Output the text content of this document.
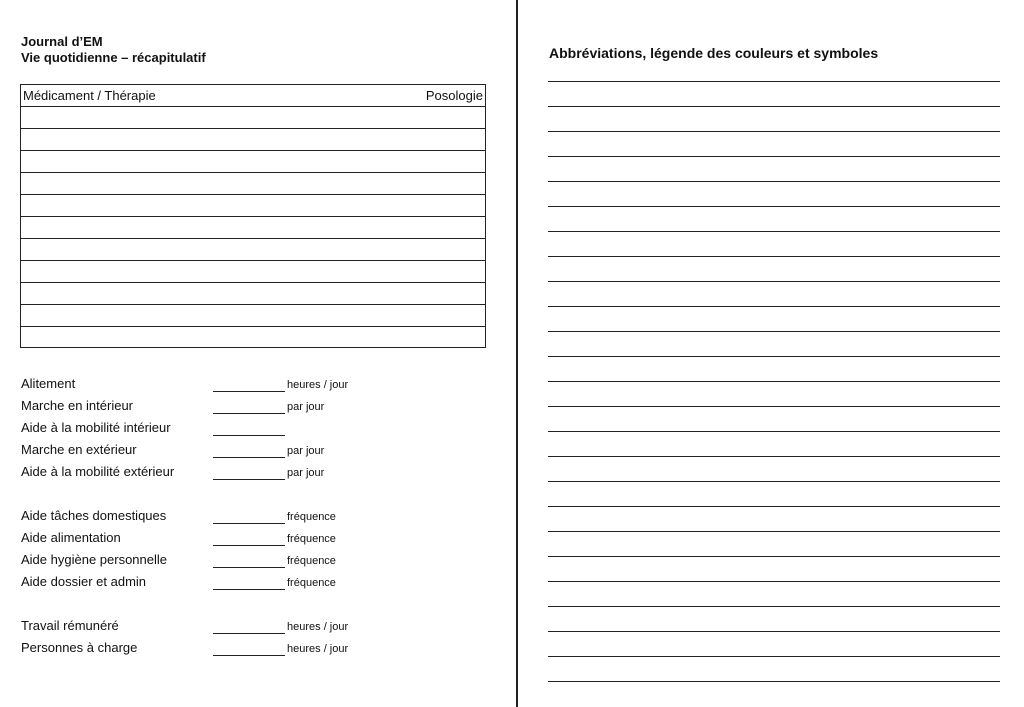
Journal d’EM
Vie quotidienne – récapitulatif
Médicament / Thérapie	Posologie
Alitement	heures / jour
Marche en intérieur	par jour
Aide à la mobilité intérieur
Marche en extérieur	par jour
Aide à la mobilité extérieur	par jour
Aide tâches domestiques	fréquence
Aide alimentation	fréquence
Aide hygiène personnelle	fréquence
Aide dossier et admin	fréquence
Travail rémunéré	heures / jour
Personnes à charge	heures / jour
Abbréviations, légende des couleurs et symboles
